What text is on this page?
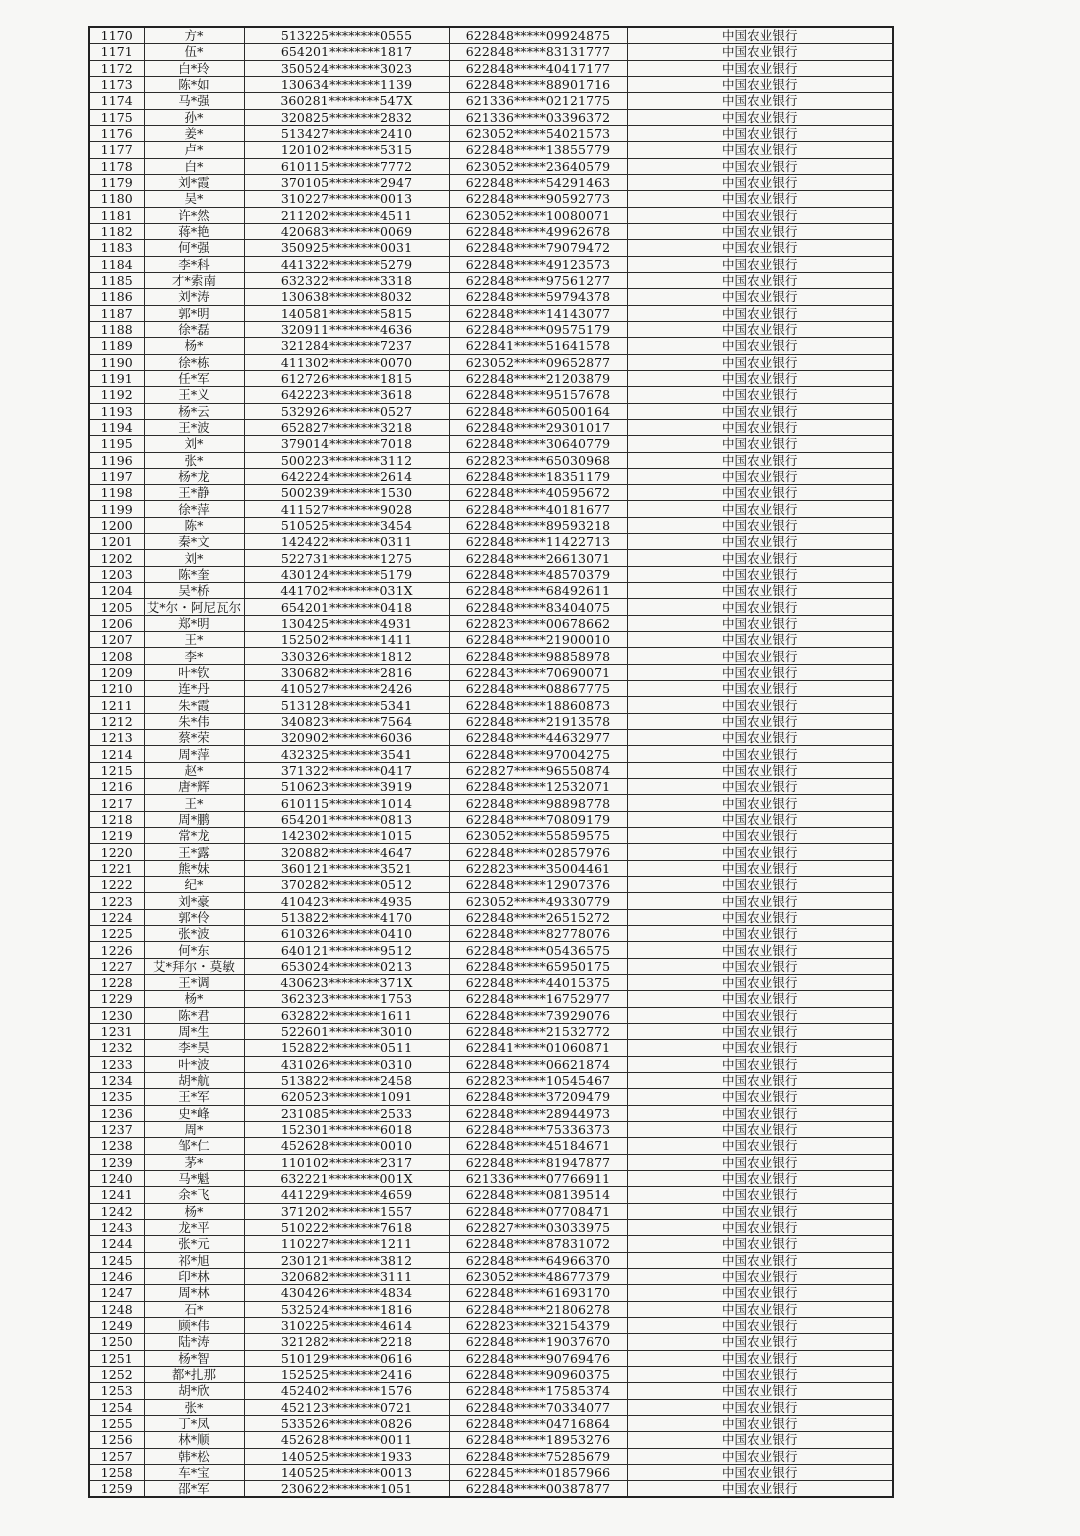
1170	方*	513225********0555	622848*****09924875	中国农业银行
1171	伍*	654201********1817	622848*****83131777	中国农业银行
1172	白*玲	350524********3023	622848*****40417177	中国农业银行
1173	陈*如	130634********1139	622848*****88901716	中国农业银行
1174	马*强	360281********547X	621336*****02121775	中国农业银行
1175	孙*	320825********2832	621336*****03396372	中国农业银行
1176	姜*	513427********2410	623052*****54021573	中国农业银行
1177	卢*	120102********5315	622848*****13855779	中国农业银行
1178	白*	610115********7772	623052*****23640579	中国农业银行
1179	刘*霞	370105********2947	622848*****54291463	中国农业银行
1180	吴*	310227********0013	622848*****90592773	中国农业银行
1181	许*然	211202********4511	623052*****10080071	中国农业银行
1182	蒋*艳	420683********0069	622848*****49962678	中国农业银行
1183	何*强	350925********0031	622848*****79079472	中国农业银行
1184	李*科	441322********5279	622848*****49123573	中国农业银行
1185	才*索南	632322********3318	622848*****97561277	中国农业银行
1186	刘*涛	130638********8032	622848*****59794378	中国农业银行
1187	郭*明	140581********5815	622848*****14143077	中国农业银行
1188	徐*磊	320911********4636	622848*****09575179	中国农业银行
1189	杨*	321284********7237	622841*****51641578	中国农业银行
1190	徐*栋	411302********0070	623052*****09652877	中国农业银行
1191	任*军	612726********1815	622848*****21203879	中国农业银行
1192	王*义	642223********3618	622848*****95157678	中国农业银行
1193	杨*云	532926********0527	622848*****60500164	中国农业银行
1194	王*波	652827********3218	622848*****29301017	中国农业银行
1195	刘*	379014********7018	622848*****30640779	中国农业银行
1196	张*	500223********3112	622823*****65030968	中国农业银行
1197	杨*龙	642224********2614	622848*****18351179	中国农业银行
1198	王*静	500239********1530	622848*****40595672	中国农业银行
1199	徐*萍	411527********9028	622848*****40181677	中国农业银行
1200	陈*	510525********3454	622848*****89593218	中国农业银行
1201	秦*文	142422********0311	622848*****11422713	中国农业银行
1202	刘*	522731********1275	622848*****26613071	中国农业银行
1203	陈*奎	430124********5179	622848*****48570379	中国农业银行
1204	吴*桥	441702********031X	622848*****68492611	中国农业银行
1205	艾*尔・阿尼瓦尔	654201********0418	622848*****83404075	中国农业银行
1206	郑*明	130425********4931	622823*****00678662	中国农业银行
1207	王*	152502********1411	622848*****21900010	中国农业银行
1208	李*	330326********1812	622848*****98858978	中国农业银行
1209	叶*钦	330682********2816	622843*****70690071	中国农业银行
1210	连*丹	410527********2426	622848*****08867775	中国农业银行
1211	朱*霞	513128********5341	622848*****18860873	中国农业银行
1212	朱*伟	340823********7564	622848*****21913578	中国农业银行
1213	蔡*荣	320902********6036	622848*****44632977	中国农业银行
1214	周*萍	432325********3541	622848*****97004275	中国农业银行
1215	赵*	371322********0417	622827*****96550874	中国农业银行
1216	唐*辉	510623********3919	622848*****12532071	中国农业银行
1217	王*	610115********1014	622848*****98898778	中国农业银行
1218	周*鹏	654201********0813	622848*****70809179	中国农业银行
1219	常*龙	142302********1015	623052*****55859575	中国农业银行
1220	王*露	320882********4647	622848*****02857976	中国农业银行
1221	熊*妹	360121********3521	622823*****35004461	中国农业银行
1222	纪*	370282********0512	622848*****12907376	中国农业银行
1223	刘*豪	410423********4935	623052*****49330779	中国农业银行
1224	郭*伶	513822********4170	622848*****26515272	中国农业银行
1225	张*波	610326********0410	622848*****82778076	中国农业银行
1226	何*东	640121********9512	622848*****05436575	中国农业银行
1227	艾*拜尔・莫敏	653024********0213	622848*****65950175	中国农业银行
1228	王*调	430623********371X	622848*****44015375	中国农业银行
1229	杨*	362323********1753	622848*****16752977	中国农业银行
1230	陈*君	632822********1611	622848*****73929076	中国农业银行
1231	周*生	522601********3010	622848*****21532772	中国农业银行
1232	李*昊	152822********0511	622841*****01060871	中国农业银行
1233	叶*波	431026********0310	622848*****06621874	中国农业银行
1234	胡*航	513822********2458	622823*****10545467	中国农业银行
1235	王*军	620523********1091	622848*****37209479	中国农业银行
1236	史*峰	231085********2533	622848*****28944973	中国农业银行
1237	周*	152301********6018	622848*****75336373	中国农业银行
1238	邹*仁	452628********0010	622848*****45184671	中国农业银行
1239	茅*	110102********2317	622848*****81947877	中国农业银行
1240	马*魁	632221********001X	621336*****07766911	中国农业银行
1241	余*飞	441229********4659	622848*****08139514	中国农业银行
1242	杨*	371202********1557	622848*****07708471	中国农业银行
1243	龙*平	510222********7618	622827*****03033975	中国农业银行
1244	张*元	110227********1211	622848*****87831072	中国农业银行
1245	祁*旭	230121********3812	622848*****64966370	中国农业银行
1246	印*林	320682********3111	623052*****48677379	中国农业银行
1247	周*林	430426********4834	622848*****61693170	中国农业银行
1248	石*	532524********1816	622848*****21806278	中国农业银行
1249	顾*伟	310225********4614	622823*****32154379	中国农业银行
1250	陆*涛	321282********2218	622848*****19037670	中国农业银行
1251	杨*智	510129********0616	622848*****90769476	中国农业银行
1252	都*扎那	152525********2416	622848*****90960375	中国农业银行
1253	胡*欣	452402********1576	622848*****17585374	中国农业银行
1254	张*	452123********0721	622848*****70334077	中国农业银行
1255	丁*凤	533526********0826	622848*****04716864	中国农业银行
1256	林*顺	452628********0011	622848*****18953276	中国农业银行
1257	韩*松	140525********1933	622848*****75285679	中国农业银行
1258	车*宝	140525********0013	622845*****01857966	中国农业银行
1259	邵*军	230622********1051	622848*****00387877	中国农业银行
